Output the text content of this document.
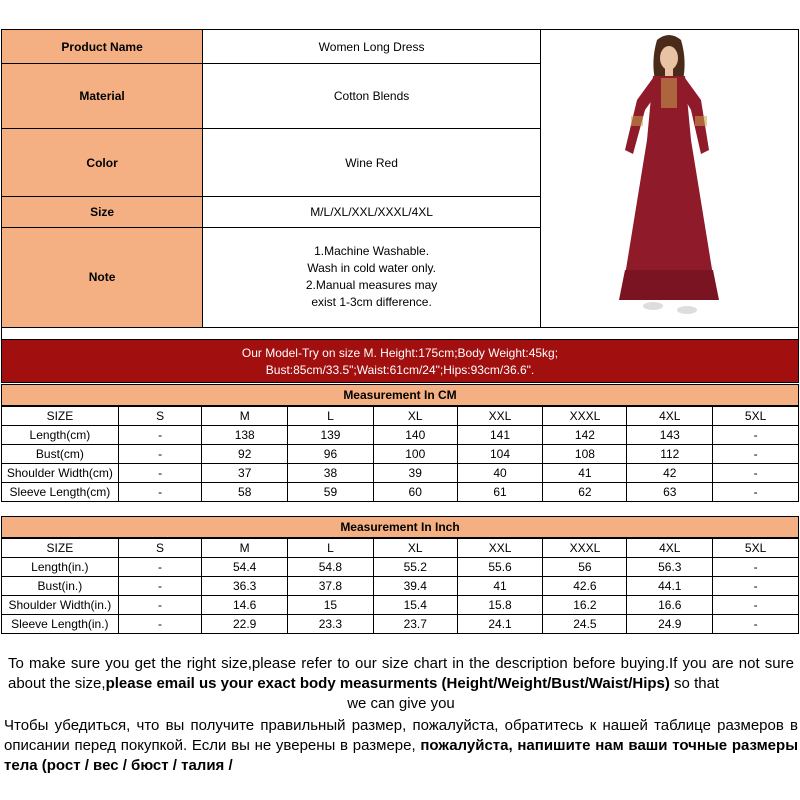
Product Name	Women Long Dress	
Material	Cotton Blends	
Color	Wine Red	
Size	M/L/XL/XXL/XXXL/4XL	
Note	1.Machine Washable.
Wash in cold water only.
2.Manual measures may
exist 1-3cm difference.	

Our Model-Try on size M. Height:175cm;Body Weight:45kg;
Bust:85cm/33.5";Waist:61cm/24";Hips:93cm/36.6".
Measurement In CM
SIZE	S	M	L	XL	XXL	XXXL	4XL	5XL
Length(cm)	-	138	139	140	141	142	143	-
Bust(cm)	-	92	96	100	104	108	112	-
Shoulder Width(cm)	-	37	38	39	40	41	42	-
Sleeve Length(cm)	-	58	59	60	61	62	63	-
Measurement In Inch
SIZE	S	M	L	XL	XXL	XXXL	4XL	5XL
Length(in.)	-	54.4	54.8	55.2	55.6	56	56.3	-
Bust(in.)	-	36.3	37.8	39.4	41	42.6	44.1	-
Shoulder Width(in.)	-	14.6	15	15.4	15.8	16.2	16.6	-
Sleeve Length(in.)	-	22.9	23.3	23.7	24.1	24.5	24.9	-
To make sure you get the right size,please refer to our size chart in the description before buying.If you are not sure about the size,please email us your exact body measurments (Height/Weight/Bust/Waist/Hips) so that
we can give you
Чтобы убедиться, что вы получите правильный размер, пожалуйста, обратитесь к нашей таблице размеров в описании перед покупкой. Если вы не уверены в размере, пожалуйста, напишите нам ваши точные размеры тела (рост / вес / бюст / талия /
